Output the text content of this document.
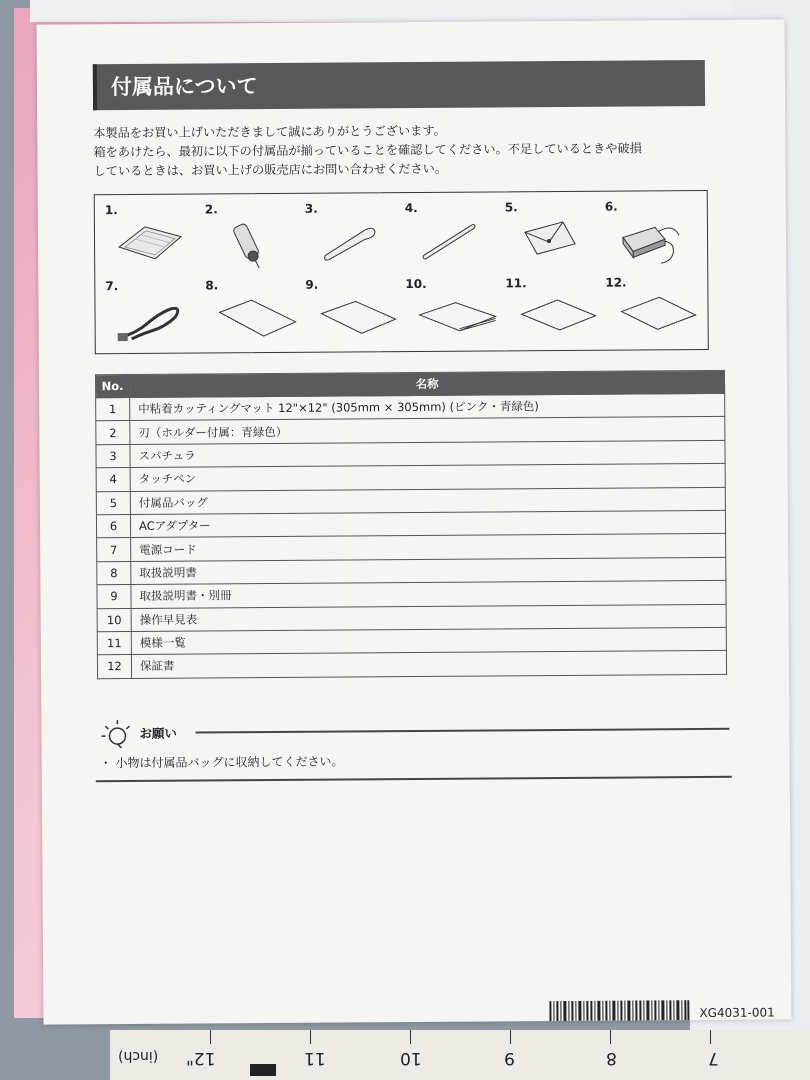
(inch) 12"	11	10	9	8	7
付属品について
本製品をお買い上げいただきまして誠にありがとうございます。
箱をあけたら、最初に以下の付属品が揃っていることを確認してください。不足しているときや破損
しているときは、お買い上げの販売店にお問い合わせください。
1.	2.	3.	4.	5.	6.
7.	8.	9.	10.	11.	12.
No.	名称
1	中粘着カッティングマット 12"×12" (305mm × 305mm) (ピンク・青緑色)
2	刃（ホルダー付属：青緑色）
3	スパチュラ
4	タッチペン
5	付属品バッグ
6	ACアダプター
7	電源コード
8	取扱説明書
9	取扱説明書・別冊
10	操作早見表
11	模様一覧
12	保証書
お願い
・ 小物は付属品バッグに収納してください。
XG4031-001
